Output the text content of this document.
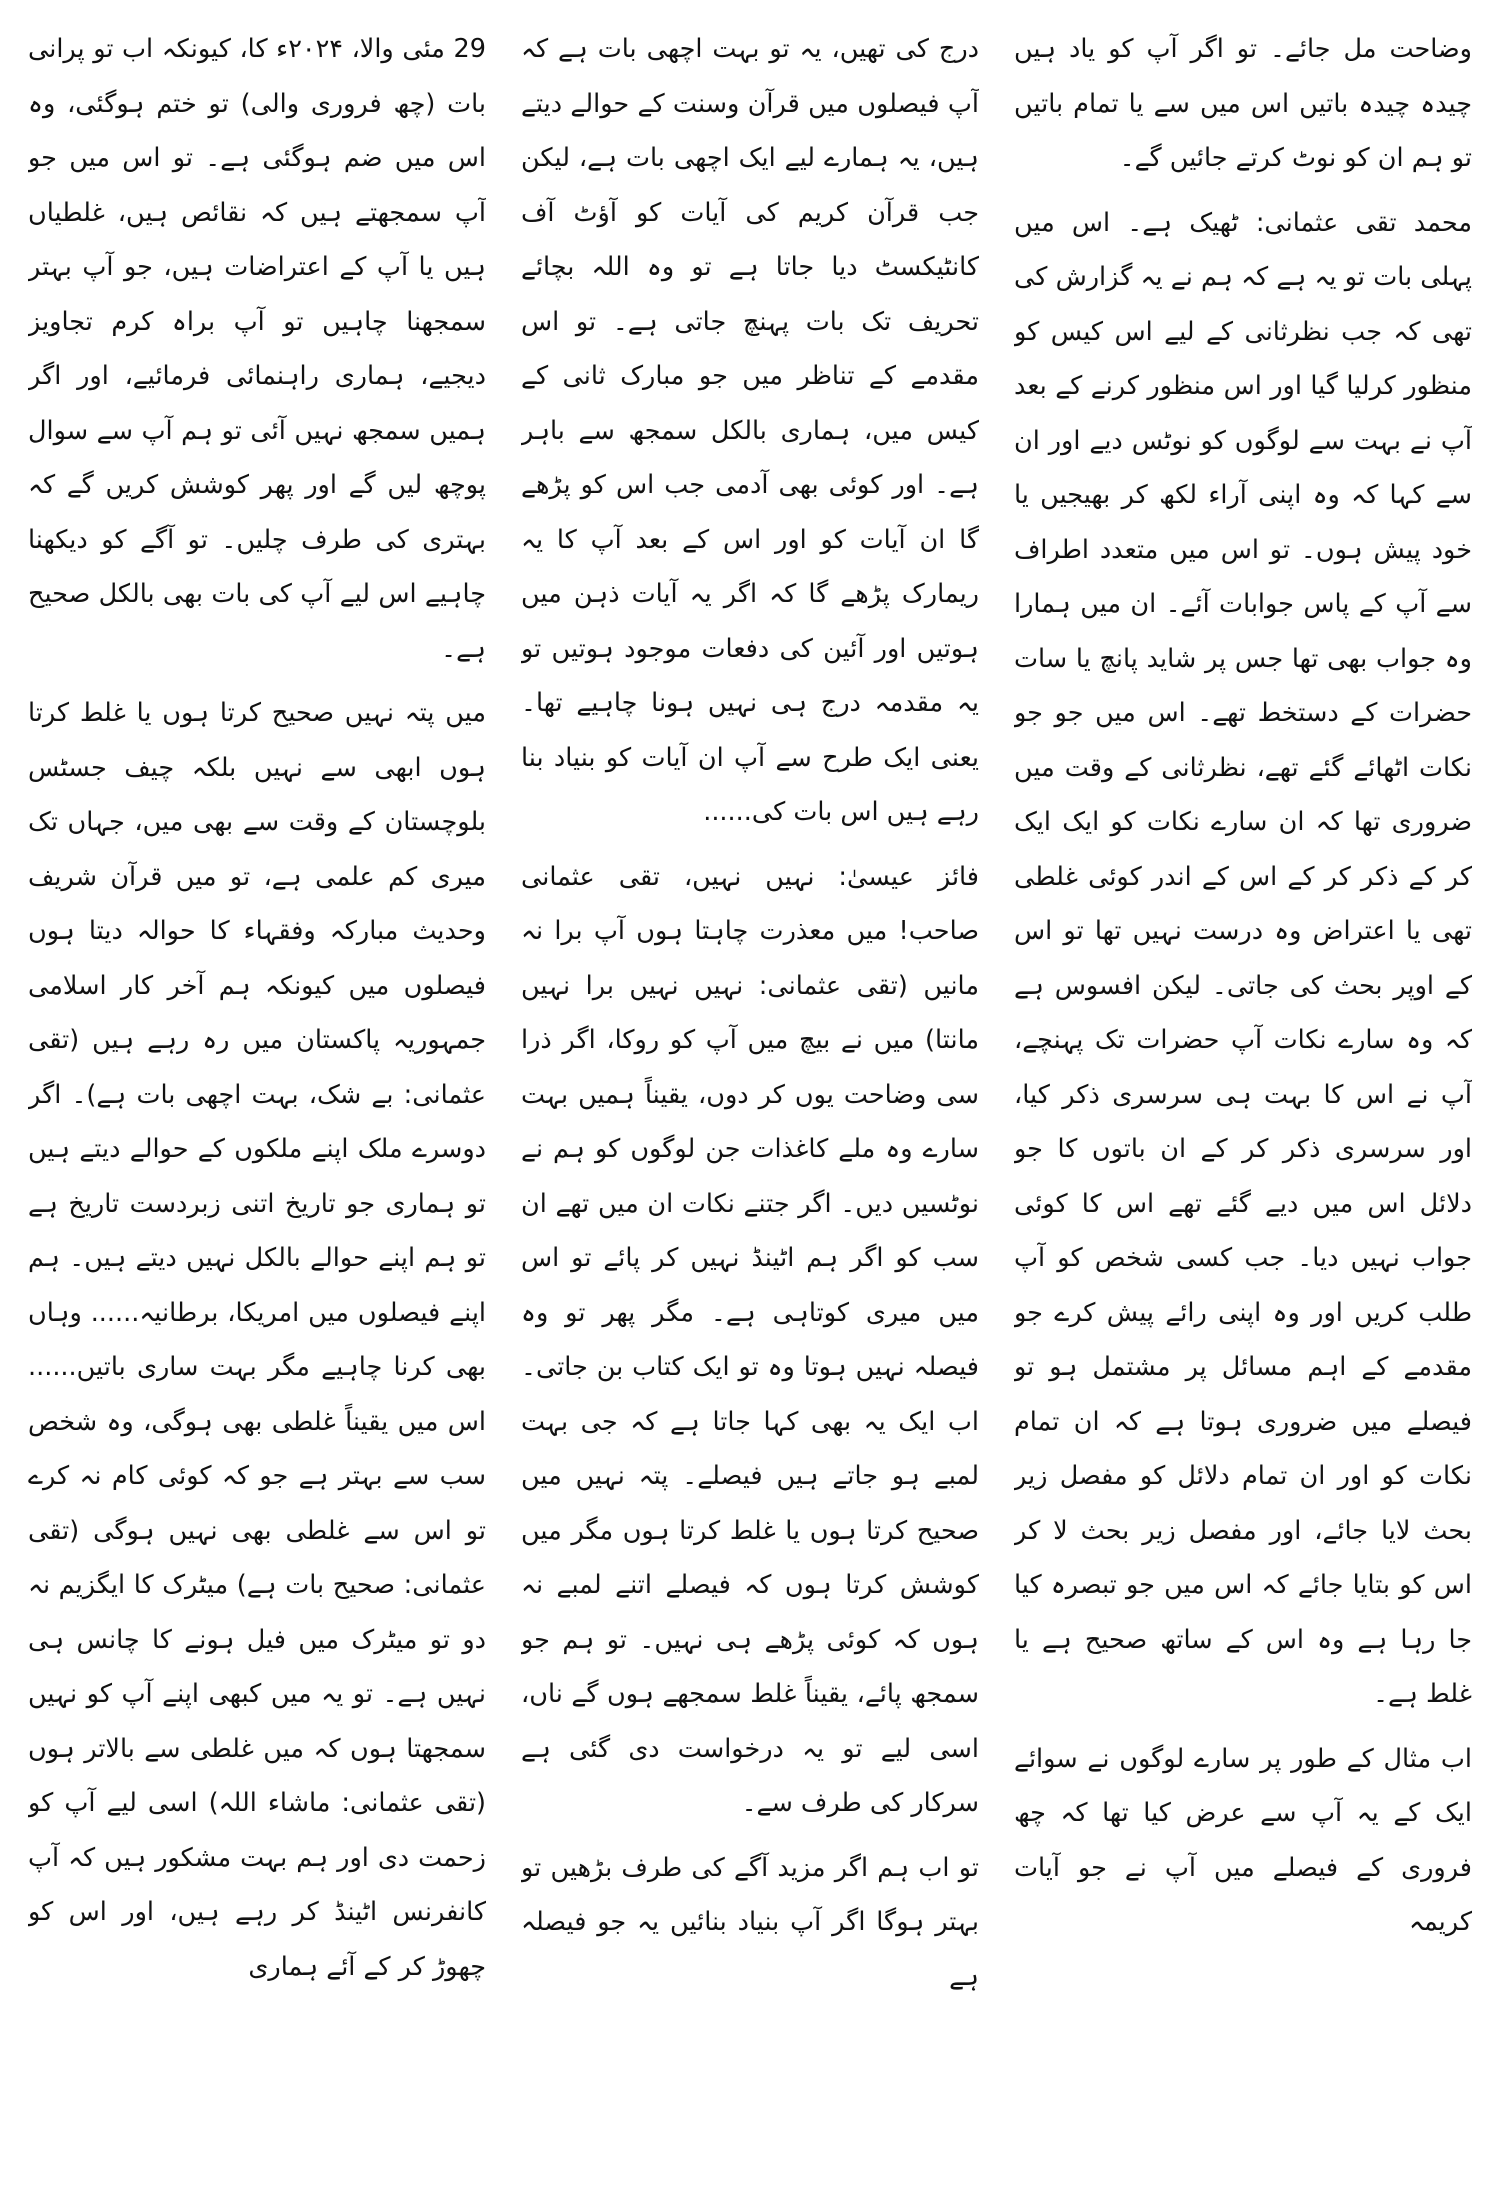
وضاحت مل جائے۔ تو اگر آپ کو یاد ہیں چیدہ چیدہ باتیں اس میں سے یا تمام باتیں تو ہم ان کو نوٹ کرتے جائیں گے۔

محمد تقی عثمانی: ٹھیک ہے۔ اس میں پہلی بات تو یہ ہے کہ ہم نے یہ گزارش کی تھی کہ جب نظرثانی کے لیے اس کیس کو منظور کرلیا گیا اور اس منظور کرنے کے بعد آپ نے بہت سے لوگوں کو نوٹس دیے اور ان سے کہا کہ وہ اپنی آراء لکھ کر بھیجیں یا خود پیش ہوں۔ تو اس میں متعدد اطراف سے آپ کے پاس جوابات آئے۔ ان میں ہمارا وہ جواب بھی تھا جس پر شاید پانچ یا سات حضرات کے دستخط تھے۔ اس میں جو جو نکات اٹھائے گئے تھے، نظرثانی کے وقت میں ضروری تھا کہ ان سارے نکات کو ایک ایک کر کے ذکر کر کے اس کے اندر کوئی غلطی تھی یا اعتراض وہ درست نہیں تھا تو اس کے اوپر بحث کی جاتی۔ لیکن افسوس ہے کہ وہ سارے نکات آپ حضرات تک پہنچے، آپ نے اس کا بہت ہی سرسری ذکر کیا، اور سرسری ذکر کر کے ان باتوں کا جو دلائل اس میں دیے گئے تھے اس کا کوئی جواب نہیں دیا۔ جب کسی شخص کو آپ طلب کریں اور وہ اپنی رائے پیش کرے جو مقدمے کے اہم مسائل پر مشتمل ہو تو فیصلے میں ضروری ہوتا ہے کہ ان تمام نکات کو اور ان تمام دلائل کو مفصل زیر بحث لایا جائے، اور مفصل زیر بحث لا کر اس کو بتایا جائے کہ اس میں جو تبصرہ کیا جا رہا ہے وہ اس کے ساتھ صحیح ہے یا غلط ہے۔

اب مثال کے طور پر سارے لوگوں نے سوائے ایک کے یہ آپ سے عرض کیا تھا کہ چھ فروری کے فیصلے میں آپ نے جو آیات کریمہ

درج کی تھیں، یہ تو بہت اچھی بات ہے کہ آپ فیصلوں میں قرآن وسنت کے حوالے دیتے ہیں، یہ ہمارے لیے ایک اچھی بات ہے، لیکن جب قرآن کریم کی آیات کو آؤٹ آف کانٹیکسٹ دیا جاتا ہے تو وہ اللہ بچائے تحریف تک بات پہنچ جاتی ہے۔ تو اس مقدمے کے تناظر میں جو مبارک ثانی کے کیس میں، ہماری بالکل سمجھ سے باہر ہے۔ اور کوئی بھی آدمی جب اس کو پڑھے گا ان آیات کو اور اس کے بعد آپ کا یہ ریمارک پڑھے گا کہ اگر یہ آیات ذہن میں ہوتیں اور آئین کی دفعات موجود ہوتیں تو یہ مقدمہ درج ہی نہیں ہونا چاہیے تھا۔ یعنی ایک طرح سے آپ ان آیات کو بنیاد بنا رہے ہیں اس بات کی......

فائز عیسیٰ: نہیں نہیں، تقی عثمانی صاحب! میں معذرت چاہتا ہوں آپ برا نہ مانیں (تقی عثمانی: نہیں نہیں برا نہیں مانتا) میں نے بیچ میں آپ کو روکا، اگر ذرا سی وضاحت یوں کر دوں، یقیناً ہمیں بہت سارے وہ ملے کاغذات جن لوگوں کو ہم نے نوٹسیں دیں۔ اگر جتنے نکات ان میں تھے ان سب کو اگر ہم اٹینڈ نہیں کر پائے تو اس میں میری کوتاہی ہے۔ مگر پھر تو وہ فیصلہ نہیں ہوتا وہ تو ایک کتاب بن جاتی۔ اب ایک یہ بھی کہا جاتا ہے کہ جی بہت لمبے ہو جاتے ہیں فیصلے۔ پتہ نہیں میں صحیح کرتا ہوں یا غلط کرتا ہوں مگر میں کوشش کرتا ہوں کہ فیصلے اتنے لمبے نہ ہوں کہ کوئی پڑھے ہی نہیں۔ تو ہم جو سمجھ پائے، یقیناً غلط سمجھے ہوں گے ناں، اسی لیے تو یہ درخواست دی گئی ہے سرکار کی طرف سے۔

تو اب ہم اگر مزید آگے کی طرف بڑھیں تو بہتر ہوگا اگر آپ بنیاد بنائیں یہ جو فیصلہ ہے

29 مئی والا، ۲۰۲۴ء کا، کیونکہ اب تو پرانی بات (چھ فروری والی) تو ختم ہوگئی، وہ اس میں ضم ہوگئی ہے۔ تو اس میں جو آپ سمجھتے ہیں کہ نقائص ہیں، غلطیاں ہیں یا آپ کے اعتراضات ہیں، جو آپ بہتر سمجھنا چاہیں تو آپ براہ کرم تجاویز دیجیے، ہماری راہنمائی فرمائیے، اور اگر ہمیں سمجھ نہیں آئی تو ہم آپ سے سوال پوچھ لیں گے اور پھر کوشش کریں گے کہ بہتری کی طرف چلیں۔ تو آگے کو دیکھنا چاہیے اس لیے آپ کی بات بھی بالکل صحیح ہے۔

میں پتہ نہیں صحیح کرتا ہوں یا غلط کرتا ہوں ابھی سے نہیں بلکہ چیف جسٹس بلوچستان کے وقت سے بھی میں، جہاں تک میری کم علمی ہے، تو میں قرآن شریف وحدیث مبارکہ وفقہاء کا حوالہ دیتا ہوں فیصلوں میں کیونکہ ہم آخر کار اسلامی جمہوریہ پاکستان میں رہ رہے ہیں (تقی عثمانی: بے شک، بہت اچھی بات ہے)۔ اگر دوسرے ملک اپنے ملکوں کے حوالے دیتے ہیں تو ہماری جو تاریخ اتنی زبردست تاریخ ہے تو ہم اپنے حوالے بالکل نہیں دیتے ہیں۔ ہم اپنے فیصلوں میں امریکا، برطانیہ...... وہاں بھی کرنا چاہیے مگر بہت ساری باتیں...... اس میں یقیناً غلطی بھی ہوگی، وہ شخص سب سے بہتر ہے جو کہ کوئی کام نہ کرے تو اس سے غلطی بھی نہیں ہوگی (تقی عثمانی: صحیح بات ہے) میٹرک کا ایگزیم نہ دو تو میٹرک میں فیل ہونے کا چانس ہی نہیں ہے۔ تو یہ میں کبھی اپنے آپ کو نہیں سمجھتا ہوں کہ میں غلطی سے بالاتر ہوں (تقی عثمانی: ماشاء اللہ) اسی لیے آپ کو زحمت دی اور ہم بہت مشکور ہیں کہ آپ کانفرنس اٹینڈ کر رہے ہیں، اور اس کو چھوڑ کر کے آئے ہماری
